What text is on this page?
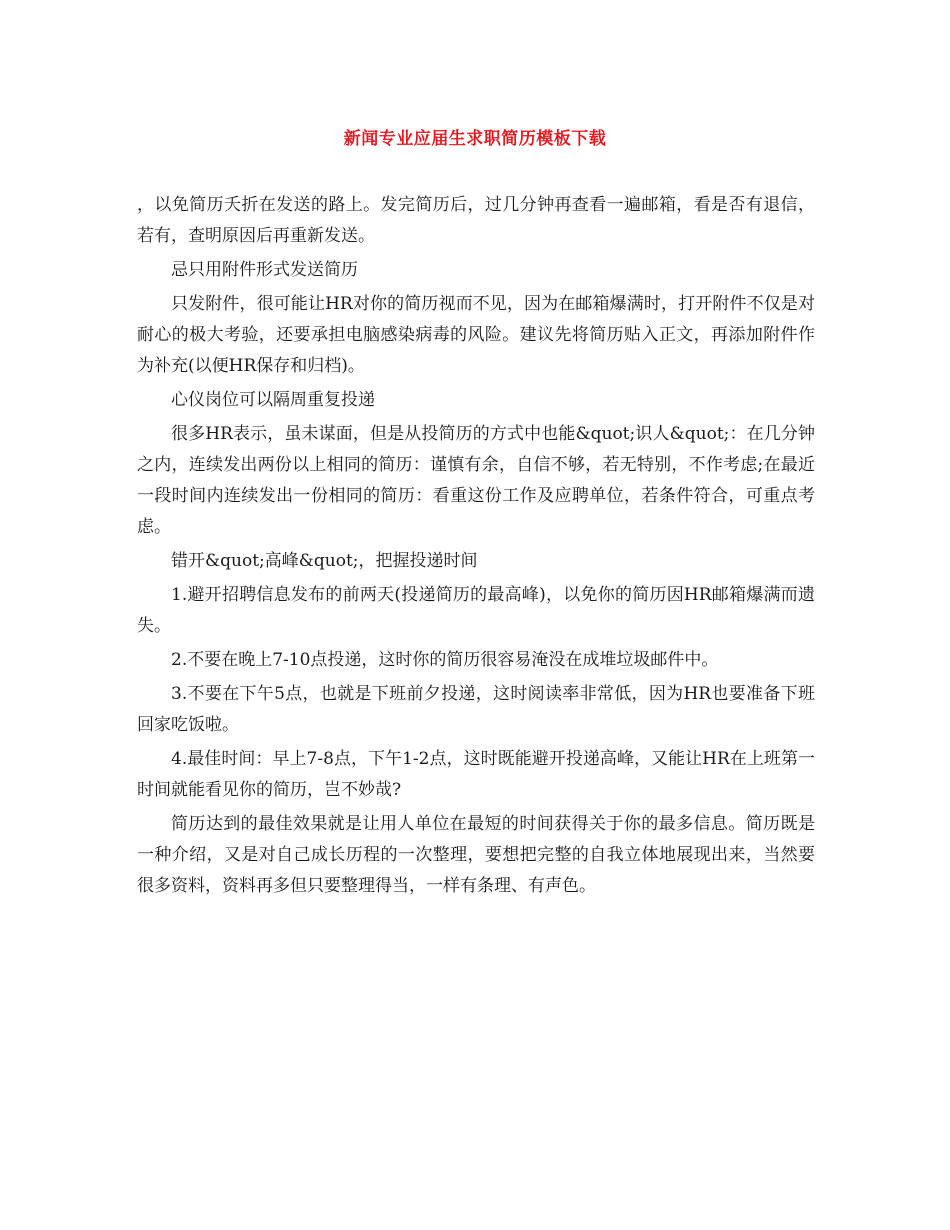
新闻专业应届生求职简历模板下载

，以免简历夭折在发送的路上。发完简历后，过几分钟再查看一遍邮箱，看是否有退信，若有，查明原因后再重新发送。

忌只用附件形式发送简历

只发附件，很可能让HR对你的简历视而不见，因为在邮箱爆满时，打开附件不仅是对耐心的极大考验，还要承担电脑感染病毒的风险。建议先将简历贴入正文，再添加附件作为补充(以便HR保存和归档)。

心仪岗位可以隔周重复投递

很多HR表示，虽未谋面，但是从投简历的方式中也能&quot;识人&quot;：在几分钟之内，连续发出两份以上相同的简历：谨慎有余，自信不够，若无特别，不作考虑;在最近一段时间内连续发出一份相同的简历：看重这份工作及应聘单位，若条件符合，可重点考虑。

错开&quot;高峰&quot;，把握投递时间

1.避开招聘信息发布的前两天(投递简历的最高峰)，以免你的简历因HR邮箱爆满而遗失。

2.不要在晚上7-10点投递，这时你的简历很容易淹没在成堆垃圾邮件中。

3.不要在下午5点，也就是下班前夕投递，这时阅读率非常低，因为HR也要准备下班回家吃饭啦。

4.最佳时间：早上7-8点，下午1-2点，这时既能避开投递高峰，又能让HR在上班第一时间就能看见你的简历，岂不妙哉?

简历达到的最佳效果就是让用人单位在最短的时间获得关于你的最多信息。简历既是一种介绍，又是对自己成长历程的一次整理，要想把完整的自我立体地展现出来，当然要很多资料，资料再多但只要整理得当，一样有条理、有声色。
